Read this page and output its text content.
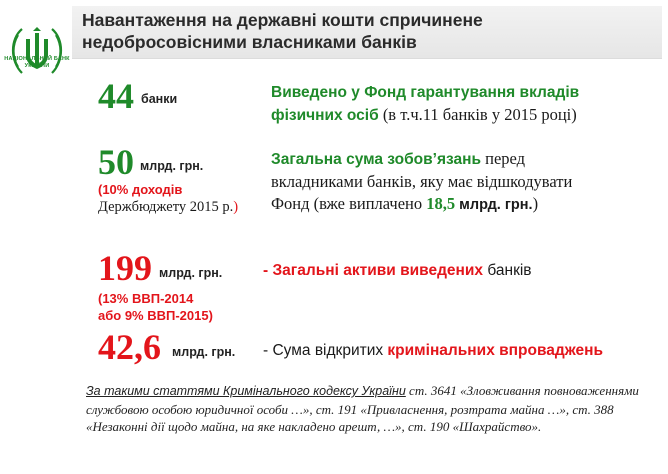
НАЦІОНАЛЬНИЙ БАНК УКРАЇНИ
Навантаження на державні кошти спричинене недобросовісними власниками банків
44 банки	Виведено у Фонд гарантування вкладів фізичних осіб (в т.ч.11 банків у 2015 році)
50 млрд. грн.
(10% доходів
Держбюджету 2015 р.)
Загальна сума зобов’язань перед вкладниками банків, яку має відшкодувати Фонд (вже виплачено 18,5 млрд. грн.)
199 млрд. грн.
(13% ВВП-2014
або 9% ВВП-2015)
- Загальні активи виведених банків
42,6 млрд. грн. - Сума відкритих кримінальних впроваджень
За такими статтями Кримінального кодексу України ст. 3641 «Зловживання повноваженнями службовою особою юридичної особи …», ст. 191 «Привласнення, розтрата майна …», ст. 388 «Незаконні дії щодо майна, на яке накладено арешт, …», ст. 190 «Шахрайство».
